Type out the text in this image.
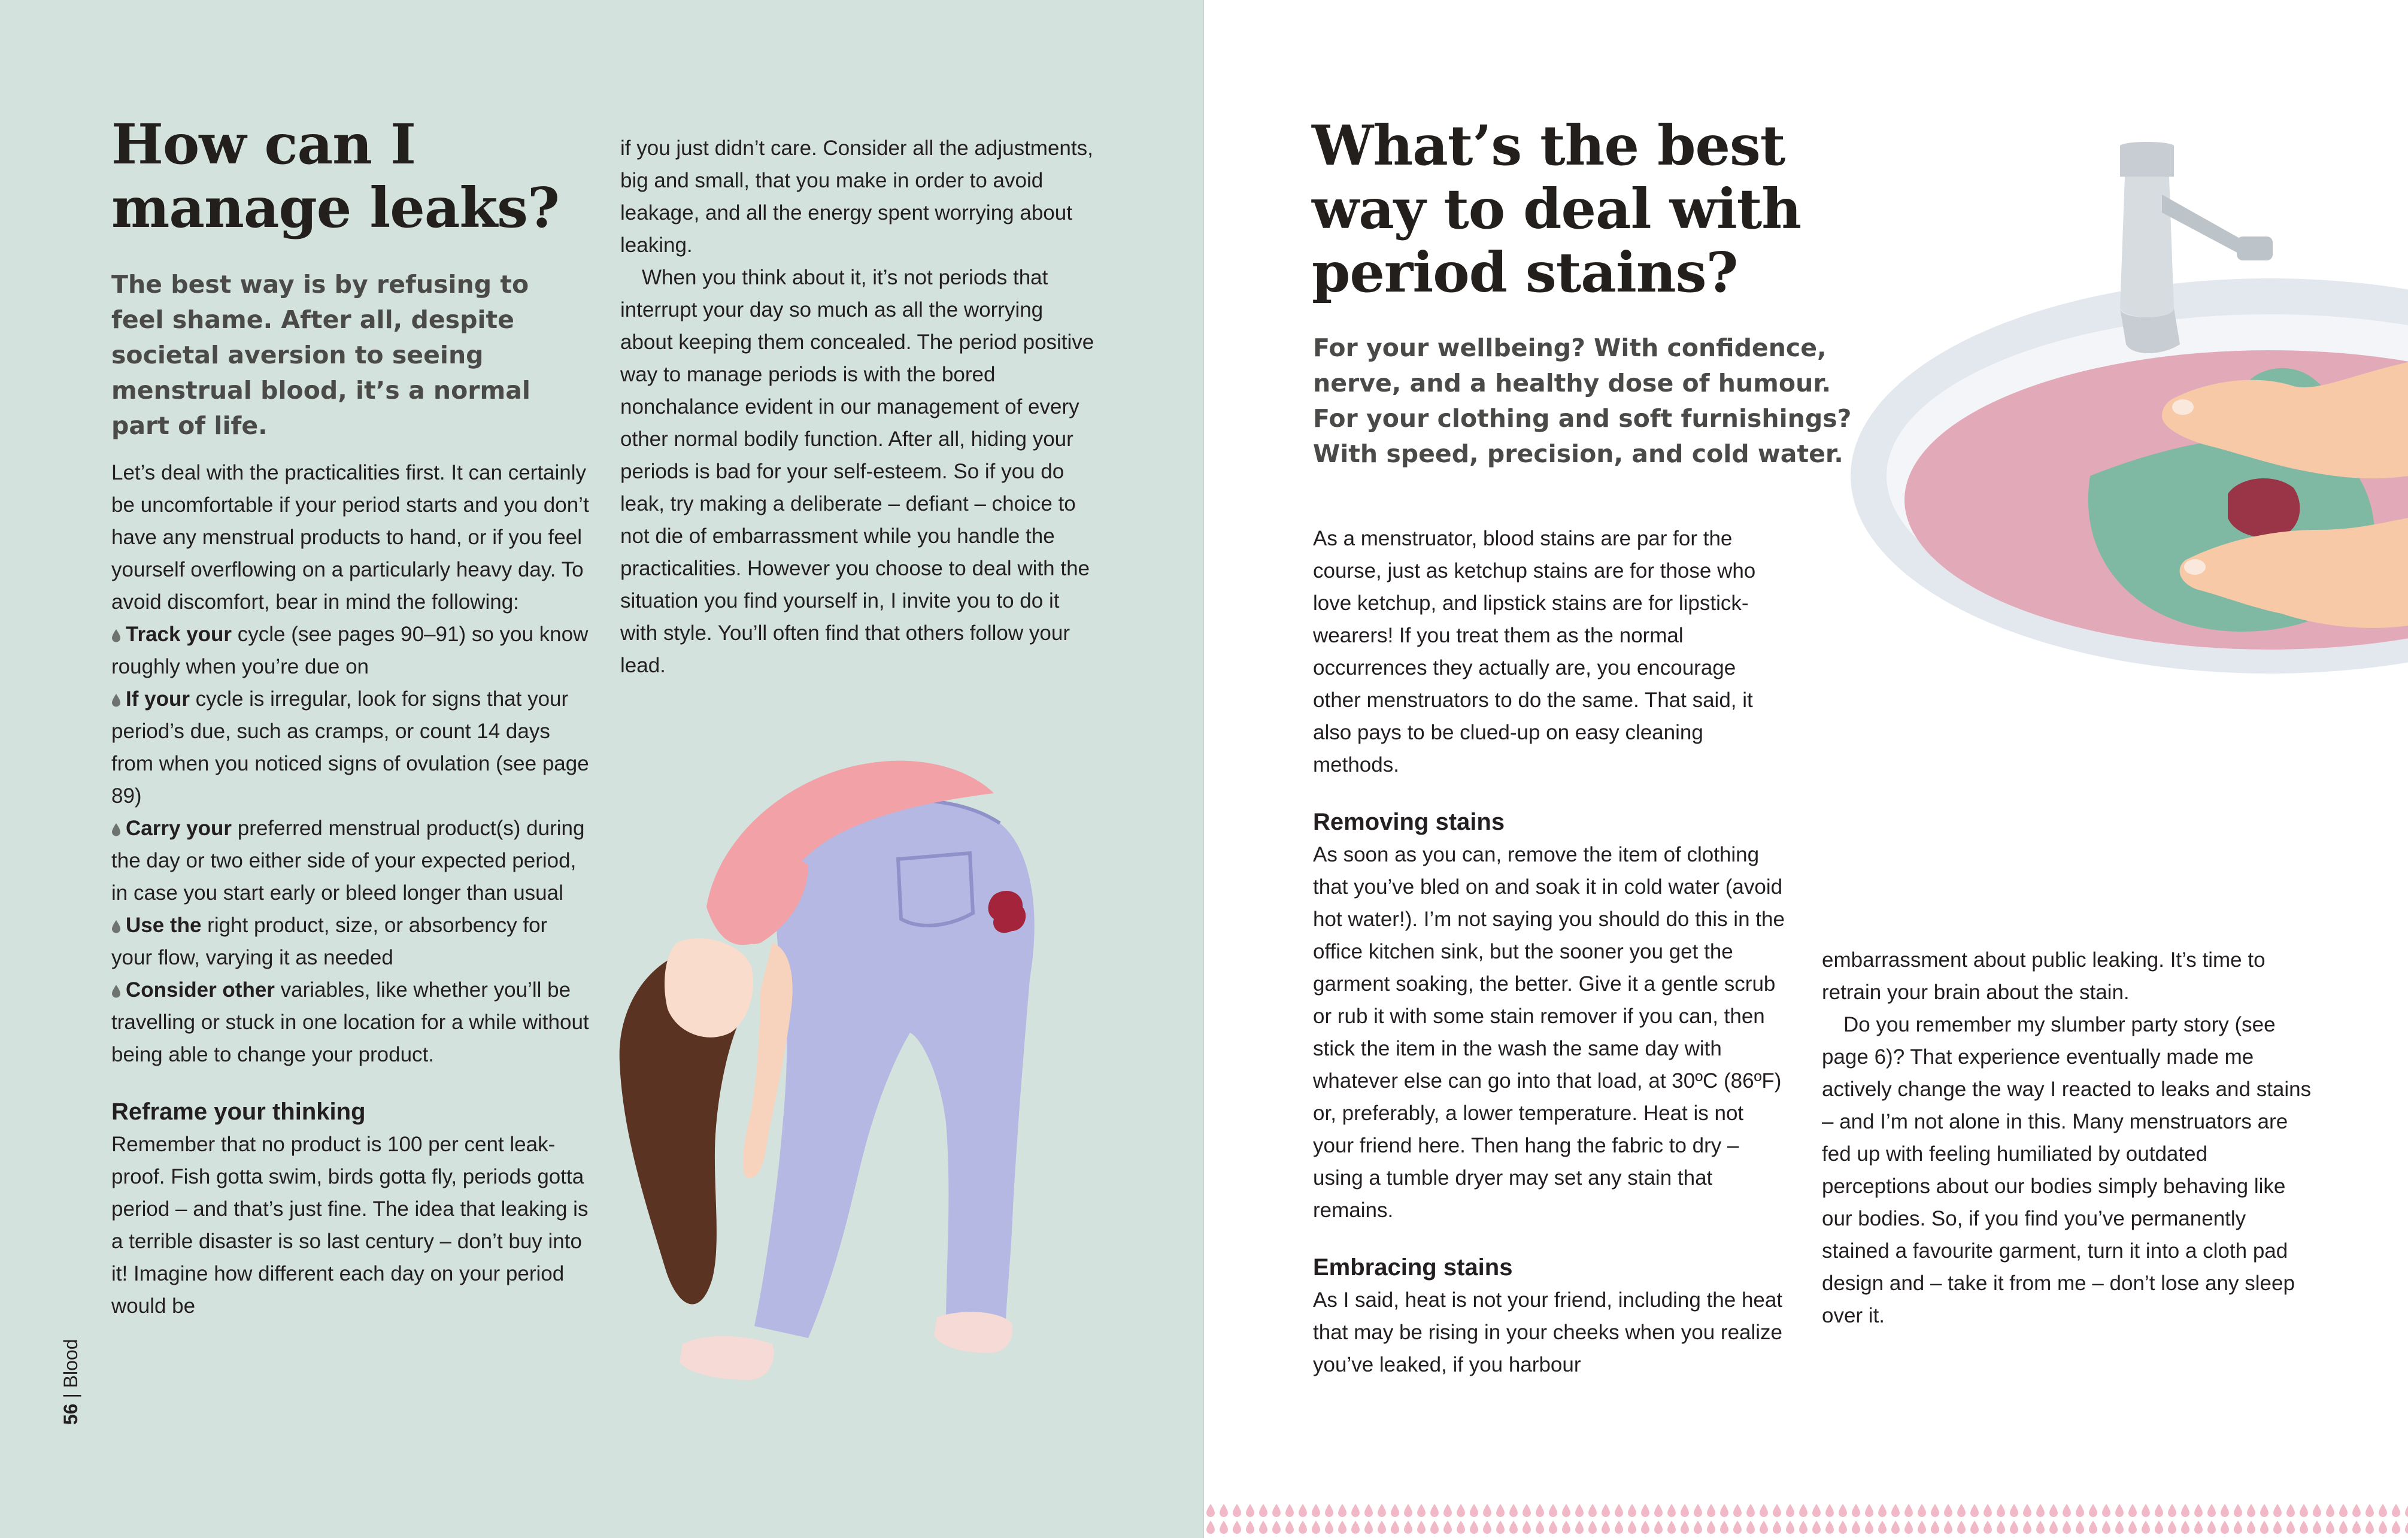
How can I manage leaks?

The best way is by refusing to feel shame. After all, despite societal aversion to seeing menstrual blood, it’s a normal part of life.

Let’s deal with the practicalities first. It can certainly be uncomfortable if your period starts and you don’t have any menstrual products to hand, or if you feel yourself overflowing on a particularly heavy day. To avoid discomfort, bear in mind the following:

Track your cycle (see pages 90–91) so you know roughly when you’re due on

If your cycle is irregular, look for signs that your period’s due, such as cramps, or count 14 days from when you noticed signs of ovulation (see page 89)

Carry your preferred menstrual product(s) during the day or two either side of your expected period, in case you start early or bleed longer than usual

Use the right product, size, or absorbency for your flow, varying it as needed

Consider other variables, like whether you’ll be travelling or stuck in one location for a while without being able to change your product.

Reframe your thinking

Remember that no product is 100 per cent leak-proof. Fish gotta swim, birds gotta fly, periods gotta period – and that’s just fine. The idea that leaking is a terrible disaster is so last century – don’t buy into it! Imagine how different each day on your period would be

if you just didn’t care. Consider all the adjustments, big and small, that you make in order to avoid leakage, and all the energy spent worrying about leaking.

When you think about it, it’s not periods that interrupt your day so much as all the worrying about keeping them concealed. The period positive way to manage periods is with the bored nonchalance evident in our management of every other normal bodily function. After all, hiding your periods is bad for your self-esteem. So if you do leak, try making a deliberate – defiant – choice to not die of embarrassment while you handle the practicalities. However you choose to deal with the situation you find yourself in, I invite you to do it with style. You’ll often find that others follow your lead.

56 | Blood
What’s the best way to deal with period stains?

For your wellbeing? With confidence, nerve, and a healthy dose of humour. For your clothing and soft furnishings? With speed, precision, and cold water.

As a menstruator, blood stains are par for the course, just as ketchup stains are for those who love ketchup, and lipstick stains are for lipstick-wearers! If you treat them as the normal occurrences they actually are, you encourage other menstruators to do the same. That said, it also pays to be clued-up on easy cleaning methods.

Removing stains

As soon as you can, remove the item of clothing that you’ve bled on and soak it in cold water (avoid hot water!). I’m not saying you should do this in the office kitchen sink, but the sooner you get the garment soaking, the better. Give it a gentle scrub or rub it with some stain remover if you can, then stick the item in the wash the same day with whatever else can go into that load, at 30ºC (86ºF) or, preferably, a lower temperature. Heat is not your friend here. Then hang the fabric to dry – using a tumble dryer may set any stain that remains.

Embracing stains

As I said, heat is not your friend, including the heat that may be rising in your cheeks when you realize you’ve leaked, if you harbour

embarrassment about public leaking. It’s time to retrain your brain about the stain.

Do you remember my slumber party story (see page 6)? That experience eventually made me actively change the way I reacted to leaks and stains – and I’m not alone in this. Many menstruators are fed up with feeling humiliated by outdated perceptions about our bodies simply behaving like our bodies. So, if you find you’ve permanently stained a favourite garment, turn it into a cloth pad design and – take it from me – don’t lose any sleep over it.
